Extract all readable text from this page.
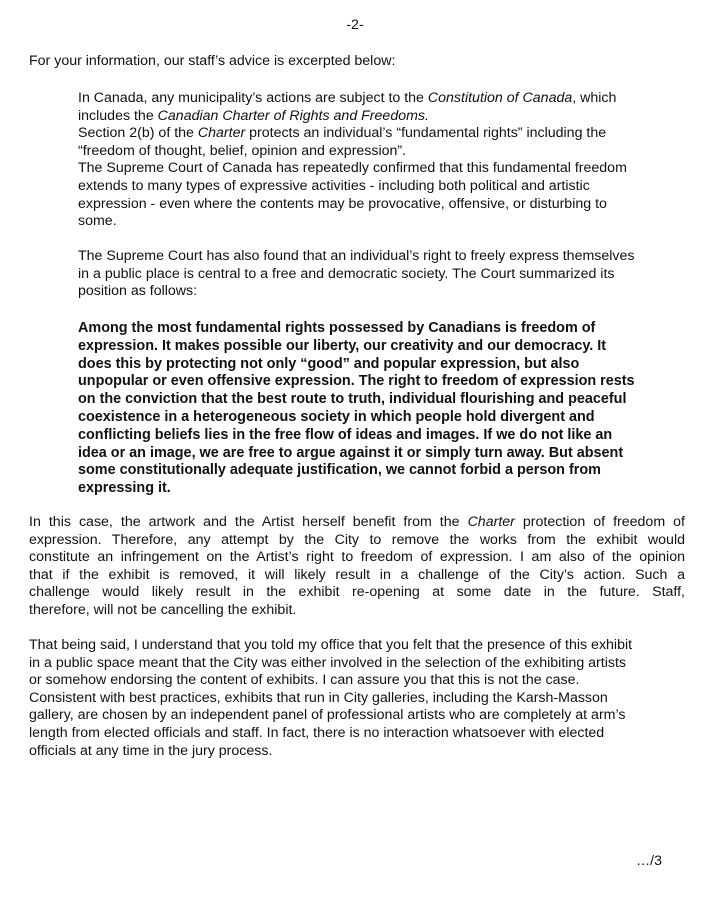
-2-

For your information, our staff’s advice is excerpted below:

In Canada, any municipality’s actions are subject to the Constitution of Canada, which
includes the Canadian Charter of Rights and Freedoms.
Section 2(b) of the Charter protects an individual’s “fundamental rights” including the
“freedom of thought, belief, opinion and expression”.
The Supreme Court of Canada has repeatedly confirmed that this fundamental freedom
extends to many types of expressive activities - including both political and artistic
expression - even where the contents may be provocative, offensive, or disturbing to
some.
The Supreme Court has also found that an individual’s right to freely express themselves
in a public place is central to a free and democratic society. The Court summarized its
position as follows:
Among the most fundamental rights possessed by Canadians is freedom of
expression. It makes possible our liberty, our creativity and our democracy. It
does this by protecting not only “good” and popular expression, but also
unpopular or even offensive expression. The right to freedom of expression rests
on the conviction that the best route to truth, individual flourishing and peaceful
coexistence in a heterogeneous society in which people hold divergent and
conflicting beliefs lies in the free flow of ideas and images. If we do not like an
idea or an image, we are free to argue against it or simply turn away. But absent
some constitutionally adequate justification, we cannot forbid a person from
expressing it.
In this case, the artwork and the Artist herself benefit from the Charter protection of freedom of
expression. Therefore, any attempt by the City to remove the works from the exhibit would
constitute an infringement on the Artist’s right to freedom of expression. I am also of the opinion
that if the exhibit is removed, it will likely result in a challenge of the City’s action. Such a
challenge would likely result in the exhibit re-opening at some date in the future. Staff,
therefore, will not be cancelling the exhibit.
That being said, I understand that you told my office that you felt that the presence of this exhibit
in a public space meant that the City was either involved in the selection of the exhibiting artists
or somehow endorsing the content of exhibits. I can assure you that this is not the case.
Consistent with best practices, exhibits that run in City galleries, including the Karsh-Masson
gallery, are chosen by an independent panel of professional artists who are completely at arm’s
length from elected officials and staff. In fact, there is no interaction whatsoever with elected
officials at any time in the jury process.
…/3
